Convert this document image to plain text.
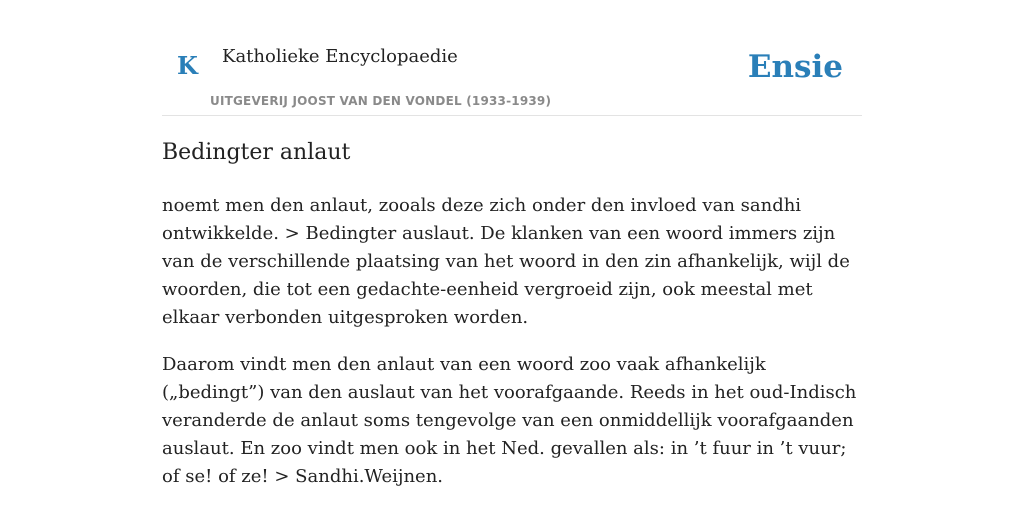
K Katholieke Encyclopaedie
UITGEVERIJ JOOST VAN DEN VONDEL (1933-1939)
Ensie
Bedingter anlaut

noemt men den anlaut, zooals deze zich onder den invloed van sandhi ontwikkelde. > Bedingter auslaut. De klanken van een woord immers zijn van de verschillende plaatsing van het woord in den zin afhankelijk, wijl de woorden, die tot een gedachte-eenheid vergroeid zijn, ook meestal met elkaar verbonden uitgesproken worden.

Daarom vindt men den anlaut van een woord zoo vaak afhankelijk („bedingt”) van den auslaut van het voorafgaande. Reeds in het oud-Indisch veranderde de anlaut soms tengevolge van een onmiddellijk voorafgaanden auslaut. En zoo vindt men ook in het Ned. gevallen als: in ’t fuur in ’t vuur; of se! of ze! > Sandhi.Weijnen.
